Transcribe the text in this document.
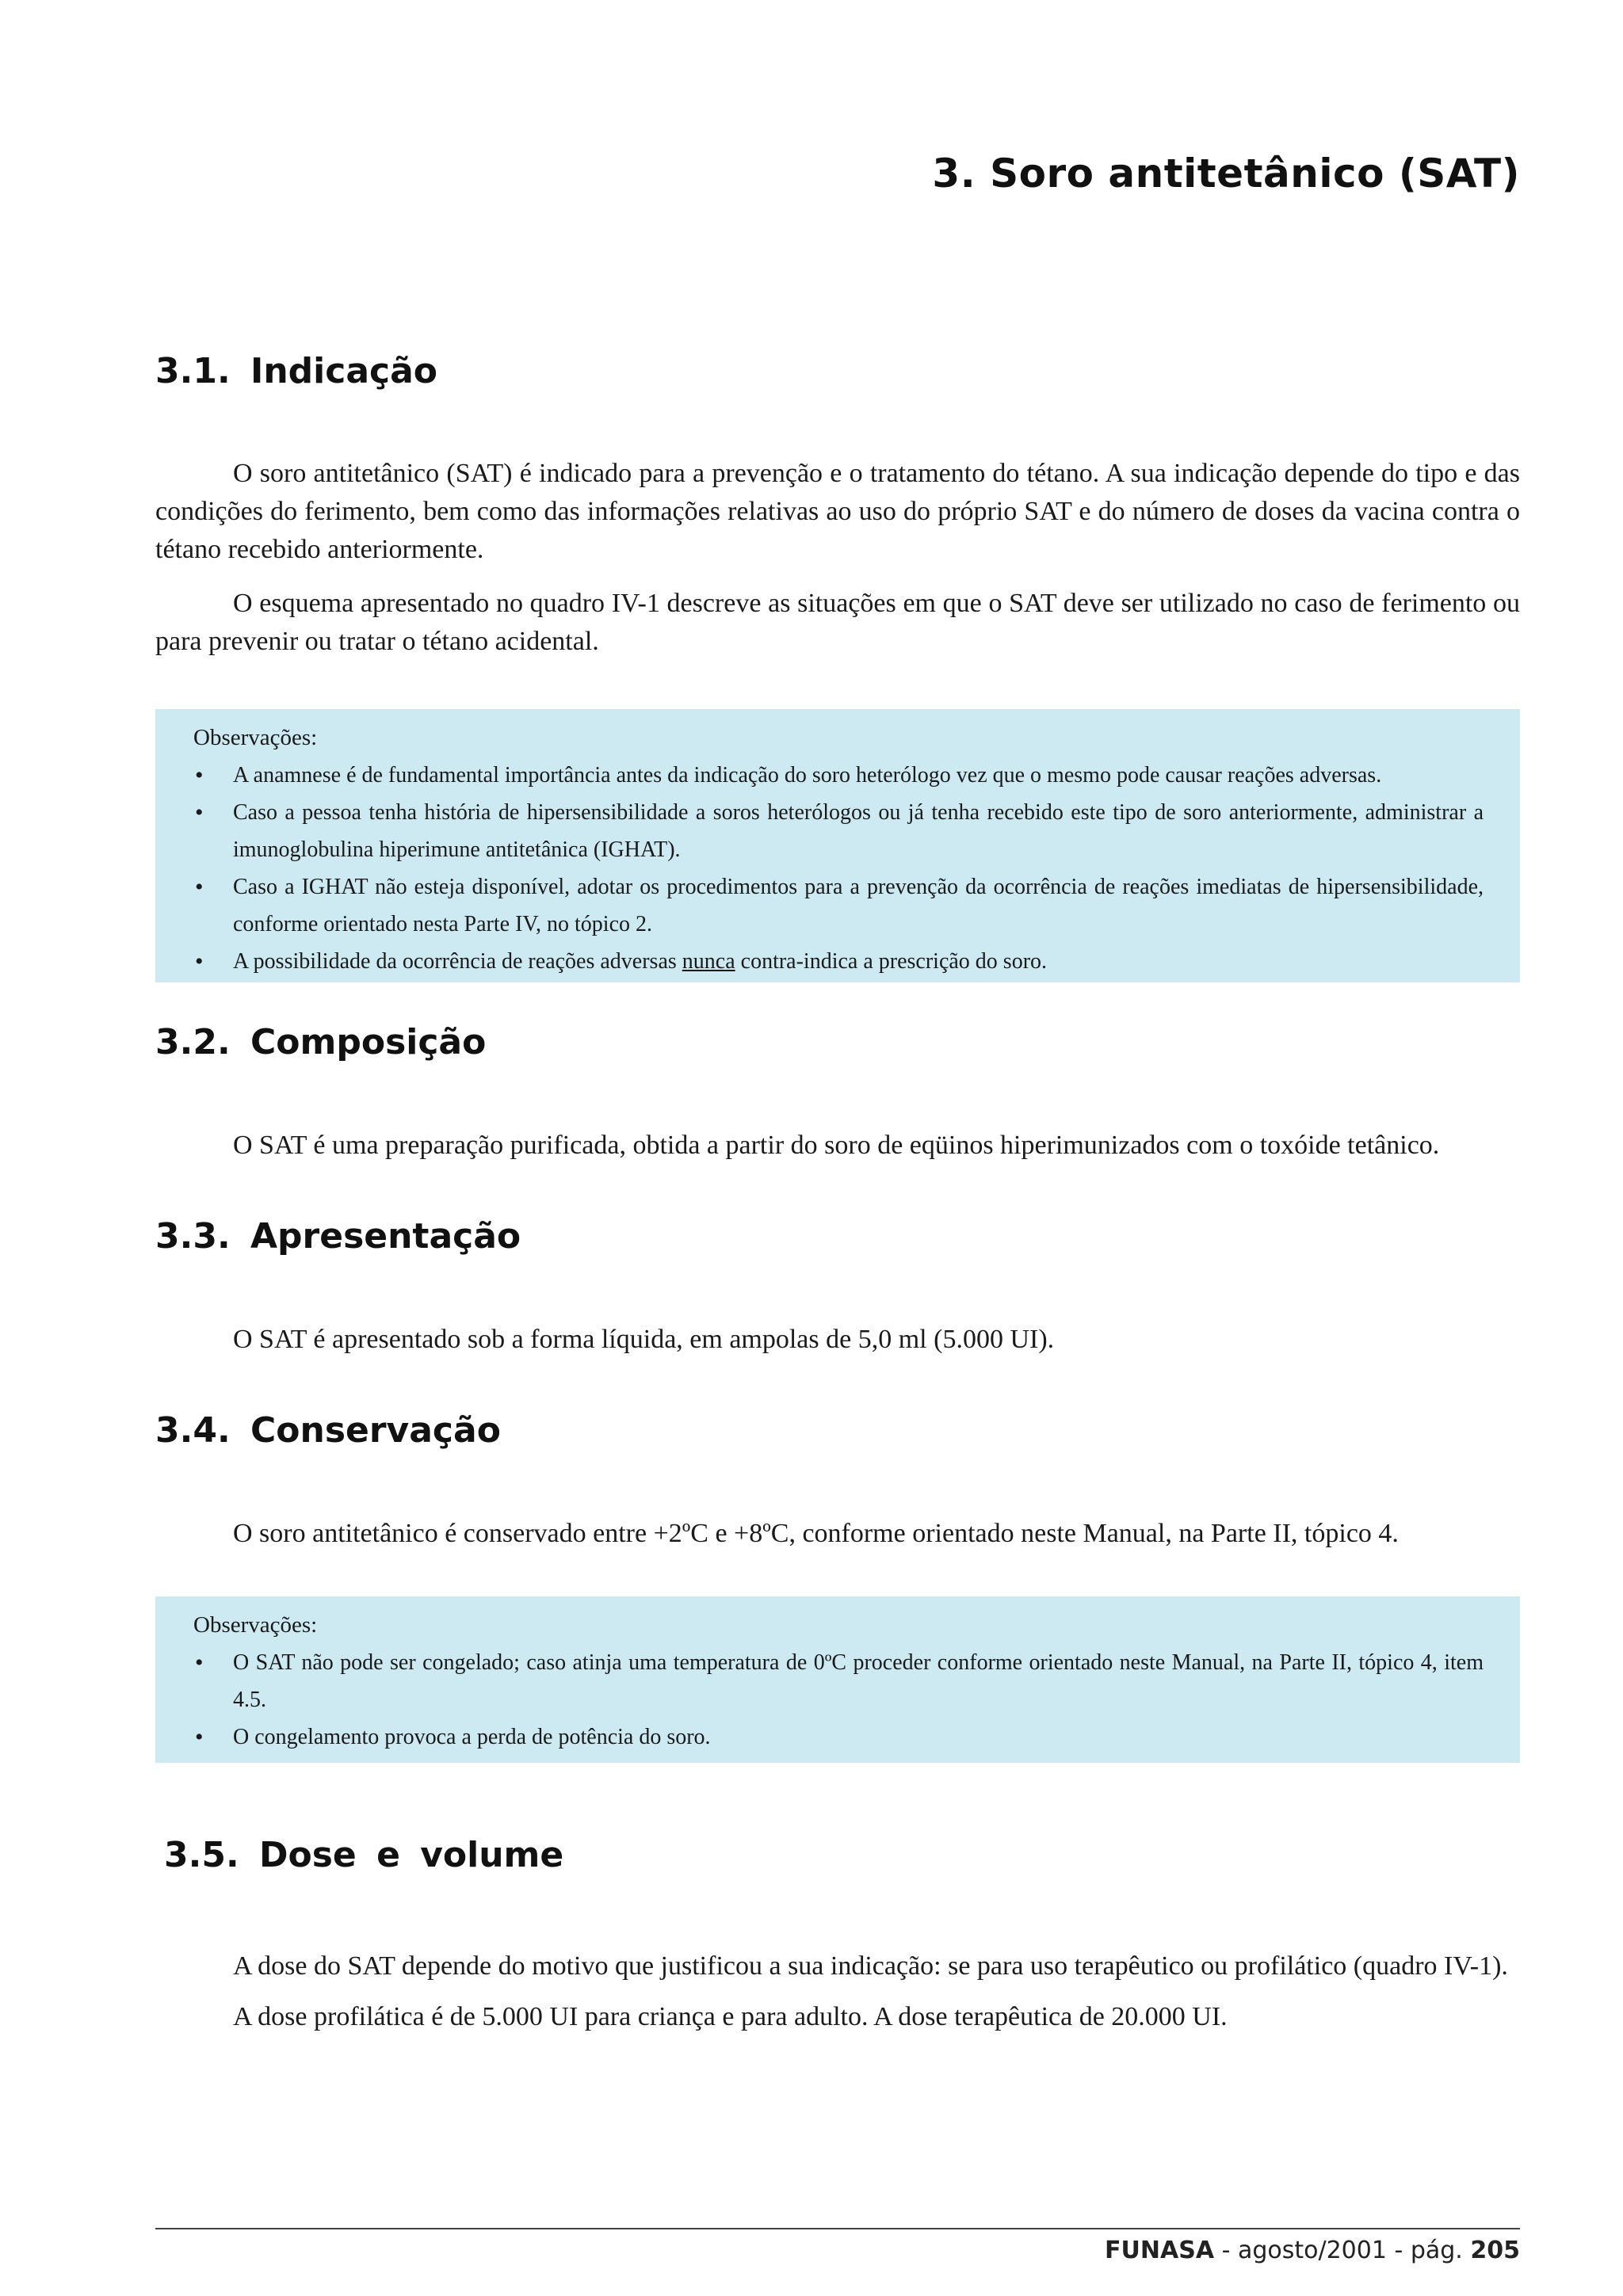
3. Soro antitetânico (SAT)
3.1. Indicação

O soro antitetânico (SAT) é indicado para a prevenção e o tratamento do tétano. A sua indicação depende do tipo e das condições do ferimento, bem como das informações relativas ao uso do próprio SAT e do número de doses da vacina contra o tétano recebido anteriormente.

O esquema apresentado no quadro IV-1 descreve as situações em que o SAT deve ser utilizado no caso de ferimento ou para prevenir ou tratar o tétano acidental.

Observações:

• A anamnese é de fundamental importância antes da indicação do soro heterólogo vez que o mesmo pode causar reações adversas.
• Caso a pessoa tenha história de hipersensibilidade a soros heterólogos ou já tenha recebido este tipo de soro anteriormente, administrar a imunoglobulina hiperimune antitetânica (IGHAT).
• Caso a IGHAT não esteja disponível, adotar os procedimentos para a prevenção da ocorrência de reações imediatas de hipersensibilidade, conforme orientado nesta Parte IV, no tópico 2.
• A possibilidade da ocorrência de reações adversas nunca contra-indica a prescrição do soro.
3.2. Composição

O SAT é uma preparação purificada, obtida a partir do soro de eqüinos hiperimunizados com o toxóide tetânico.

3.3. Apresentação

O SAT é apresentado sob a forma líquida, em ampolas de 5,0 ml (5.000 UI).

3.4. Conservação

O soro antitetânico é conservado entre +2ºC e +8ºC, conforme orientado neste Manual, na Parte II, tópico 4.

Observações:

• O SAT não pode ser congelado; caso atinja uma temperatura de 0ºC proceder conforme orientado neste Manual, na Parte II, tópico 4, item 4.5.
• O congelamento provoca a perda de potência do soro.
3.5. Dose e volume

A dose do SAT depende do motivo que justificou a sua indicação: se para uso terapêutico ou profilático (quadro IV-1).

A dose profilática é de 5.000 UI para criança e para adulto. A dose terapêutica de 20.000 UI.

FUNASA - agosto/2001 - pág. 205
